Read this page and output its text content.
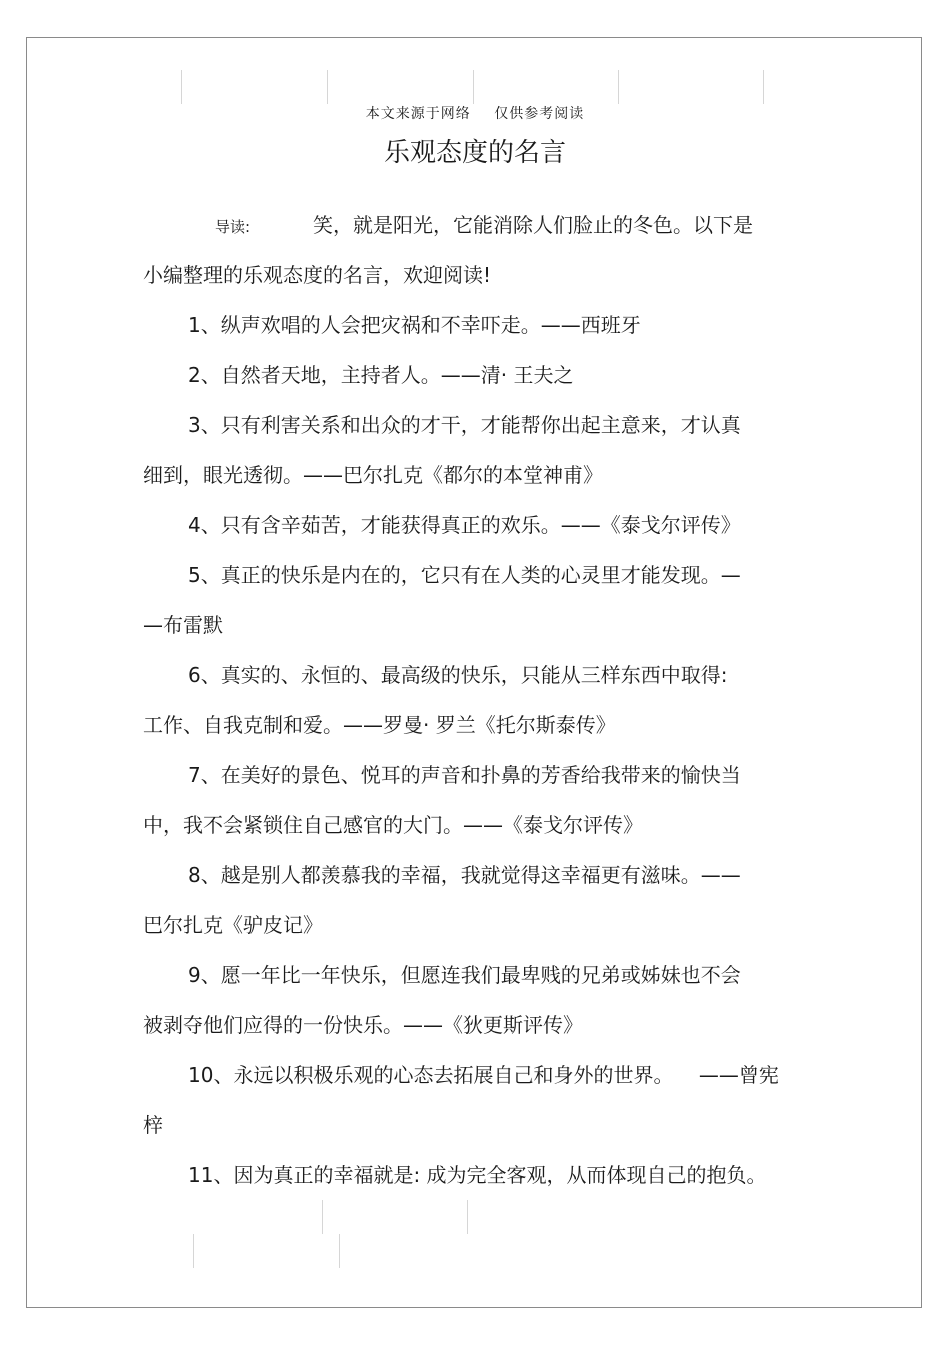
本文来源于网络 仅供参考阅读
乐观态度的名言
导读:	笑，就是阳光，它能消除人们脸止的冬色。以下是
小编整理的乐观态度的名言，欢迎阅读!
1、纵声欢唱的人会把灾祸和不幸吓走。——西班牙
2、自然者天地，主持者人。——清· 王夫之
3、只有利害关系和出众的才干，才能帮你出起主意来，才认真
细到，眼光透彻。——巴尔扎克《都尔的本堂神甫》
4、只有含辛茹苦，才能获得真正的欢乐。——《泰戈尔评传》
5、真正的快乐是内在的，它只有在人类的心灵里才能发现。—
—布雷默
6、真实的、永恒的、最高级的快乐，只能从三样东西中取得:
工作、自我克制和爱。——罗曼· 罗兰《托尔斯泰传》
7、在美好的景色、悦耳的声音和扑鼻的芳香给我带来的愉快当
中，我不会紧锁住自己感官的大门。——《泰戈尔评传》
8、越是别人都羡慕我的幸福，我就觉得这幸福更有滋味。——
巴尔扎克《驴皮记》
9、愿一年比一年快乐，但愿连我们最卑贱的兄弟或姊妹也不会
被剥夺他们应得的一份快乐。——《狄更斯评传》
10、永远以积极乐观的心态去拓展自己和身外的世界。    ——曾宪
梓
11、因为真正的幸福就是: 成为完全客观，从而体现自己的抱负。
